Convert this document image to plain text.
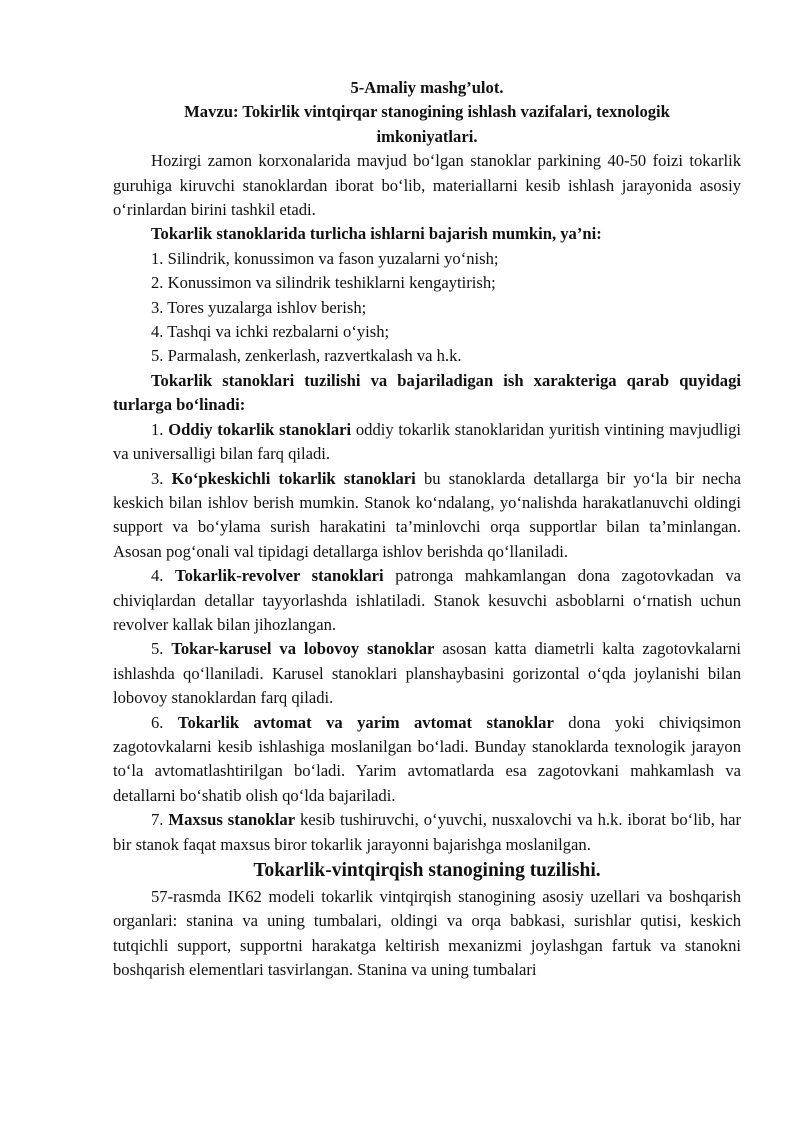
5-Amaliy mashg’ulot.
Mavzu: Tokirlik vintqirqar stanogining ishlash vazifalari, texnologik imkoniyatlari.

Hozirgi zamon korxonalarida mavjud bo‘lgan stanoklar parkining 40-50 foizi tokarlik guruhiga kiruvchi stanoklardan iborat bo‘lib, materiallarni kesib ishlash jarayonida asosiy o‘rinlardan birini tashkil etadi.

Tokarlik stanoklarida turlicha ishlarni bajarish mumkin, ya’ni:
1. Silindrik, konussimon va fason yuzalarni yo‘nish;
2. Konussimon va silindrik teshiklarni kengaytirish;
3. Tores yuzalarga ishlov berish;
4. Tashqi va ichki rezbalarni o‘yish;
5. Parmalash, zenkerlash, razvertkalash va h.k.

Tokarlik stanoklari tuzilishi va bajariladigan ish xarakteriga qarab quyidagi turlarga bo‘linadi:

1. Oddiy tokarlik stanoklari oddiy tokarlik stanoklaridan yuritish vintining mavjudligi va universalligi bilan farq qiladi.

3. Ko‘pkeskichli tokarlik stanoklari bu stanoklarda detallarga bir yo‘la bir necha keskich bilan ishlov berish mumkin. Stanok ko‘ndalang, yo‘nalishda harakatlanuvchi oldingi support va bo‘ylama surish harakatini ta’minlovchi orqa supportlar bilan ta’minlangan. Asosan pog‘onali val tipidagi detallarga ishlov berishda qo‘llaniladi.

4. Tokarlik-revolver stanoklari patronga mahkamlangan dona zagotovkadan va chiviqlardan detallar tayyorlashda ishlatiladi. Stanok kesuvchi asboblarni o‘rnatish uchun revolver kallak bilan jihozlangan.

5. Tokar-karusel va lobovoy stanoklar asosan katta diametrli kalta zagotovkalarni ishlashda qo‘llaniladi. Karusel stanoklari planshaybasini gorizontal o‘qda joylanishi bilan lobovoy stanoklardan farq qiladi.

6. Tokarlik avtomat va yarim avtomat stanoklar dona yoki chiviqsimon zagotovkalarni kesib ishlashiga moslanilgan bo‘ladi. Bunday stanoklarda texnologik jarayon to‘la avtomatlashtirilgan bo‘ladi. Yarim avtomatlarda esa zagotovkani mahkamlash va detallarni bo‘shatib olish qo‘lda bajariladi.

7. Maxsus stanoklar kesib tushiruvchi, o‘yuvchi, nusxalovchi va h.k. iborat bo‘lib, har bir stanok faqat maxsus biror tokarlik jarayonni bajarishga moslanilgan.

Tokarlik-vintqirqish stanogining tuzilishi.

57-rasmda IK62 modeli tokarlik vintqirqish stanogining asosiy uzellari va boshqarish organlari: stanina va uning tumbalari, oldingi va orqa babkasi, surishlar qutisi, keskich tutqichli support, supportni harakatga keltirish mexanizmi joylashgan fartuk va stanokni boshqarish elementlari tasvirlangan. Stanina va uning tumbalari
